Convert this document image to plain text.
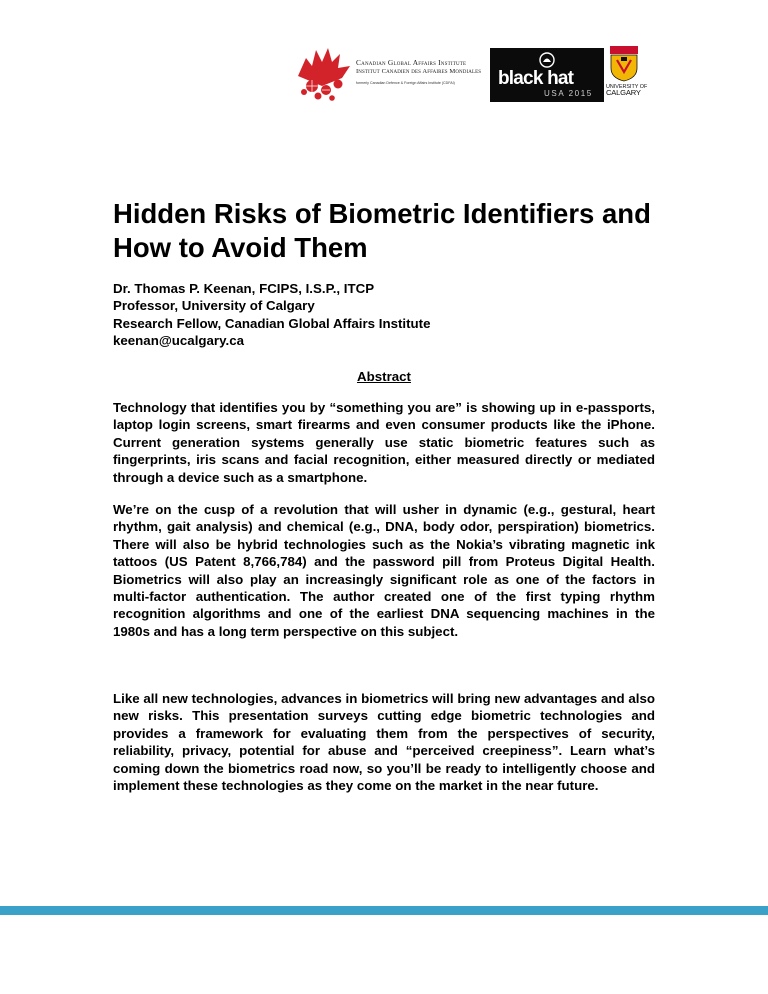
Canadian Global Affairs Institute
Institut Canadien des Affaires Mondiales
formerly Canadian Defence & Foreign Affairs Institute (CDFAI)	black hat
USA 2015
UNIVERSITY OF
CALGARY
Hidden Risks of Biometric Identifiers and How to Avoid Them
Dr. Thomas P. Keenan, FCIPS, I.S.P., ITCP
Professor, University of Calgary
Research Fellow, Canadian Global Affairs Institute
keenan@ucalgary.ca
Abstract

Technology that identifies you by “something you are” is showing up in e-passports, laptop login screens, smart firearms and even consumer products like the iPhone. Current generation systems generally use static biometric features such as fingerprints, iris scans and facial recognition, either measured directly or mediated through a device such as a smartphone.

We’re on the cusp of a revolution that will usher in dynamic (e.g., gestural, heart rhythm, gait analysis) and chemical (e.g., DNA, body odor, perspiration) biometrics. There will also be hybrid technologies such as the Nokia’s vibrating magnetic ink tattoos (US Patent 8,766,784) and the password pill from Proteus Digital Health. Biometrics will also play an increasingly significant role as one of the factors in multi-factor authentication. The author created one of the first typing rhythm recognition algorithms and one of the earliest DNA sequencing machines in the 1980s and has a long term perspective on this subject.

Like all new technologies, advances in biometrics will bring new advantages and also new risks. This presentation surveys cutting edge biometric technologies and provides a framework for evaluating them from the perspectives of security, reliability, privacy, potential for abuse and “perceived creepiness”. Learn what’s coming down the biometrics road now, so you’ll be ready to intelligently choose and implement these technologies as they come on the market in the near future.
